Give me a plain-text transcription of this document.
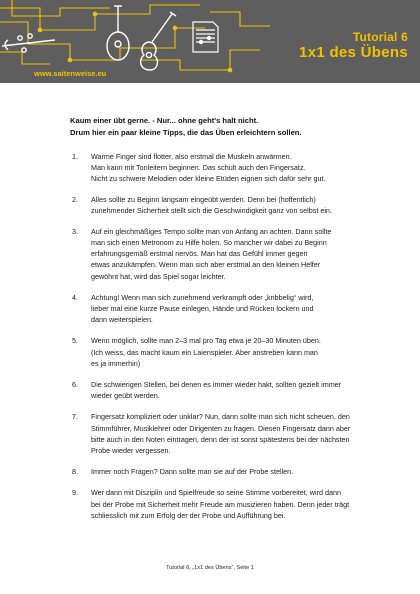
Tutorial 6
1x1 des Übens
www.saitenweise.eu
Kaum einer übt gerne. - Nur... ohne geht's halt nicht.
Drum hier ein paar kleine Tipps, die das Üben erleichtern sollen.
1. Warme Finger sind flotter, also erstmal die Muskeln anwärmen.
Man kann mit Tonleitern beginnen. Das schult auch den Fingersatz.
Nicht zu schwere Melodien oder kleine Etüden eignen sich dafür sehr gut.
2. Alles sollte zu Beginn langsam eingeübt werden. Denn bei (hoffentlich)
zunehmender Sicherheit stellt sich die Geschwindigkeit ganz von selbst ein.
3. Auf ein gleichmäßiges Tempo sollte man von Anfang an achten. Dann sollte
man sich einen Metronom zu Hilfe holen. So mancher wir dabei zu Beginn
erfahrungsgemäß erstmal nervös. Man hat das Gefühl immer gegen
etwas anzukämpfen. Wenn man sich aber erstmal an den kleinen Helfer
gewöhnt hat, wird das Spiel sogar leichter.
4. Achtung! Wenn man sich zunehmend verkrampft oder „kribbelig“ wird,
lieber mal eine kurze Pause einlegen, Hände und Rücken lockern und
dann weiterspielen.
5. Wenn möglich, sollte man 2–3 mal pro Tag etwa je 20–30 Minuten üben.
(Ich weiss, das macht kaum ein Laienspieler. Aber anstreben kann man
es ja immerhin)
6. Die schwierigen Stellen, bei denen es immer wieder hakt, sollten gezielt immer
wieder geübt werden.
7. Fingersatz kompliziert oder unklar? Nun, dann sollte man sich nicht scheuen, den
Stimmführer, Musiklehrer oder Dirigenten zu fragen. Diesen Fingersatz dann aber
bitte auch in den Noten eintragen, denn der ist sonst spätestens bei der nächsten
Probe wieder vergessen.
8. Immer noch Fragen? Dann sollte man sie auf der Probe stellen.
9. Wer dann mit Disziplin und Spielfreude so seine Stimme vorbereitet, wird dann
bei der Probe mit Sicherheit mehr Freude am musizieren haben. Denn jeder trägt
schliesslich mit zum Erfolg der der Probe und Aufführung bei.
Tutorial 6, „1x1 des Übens“, Seite 1
